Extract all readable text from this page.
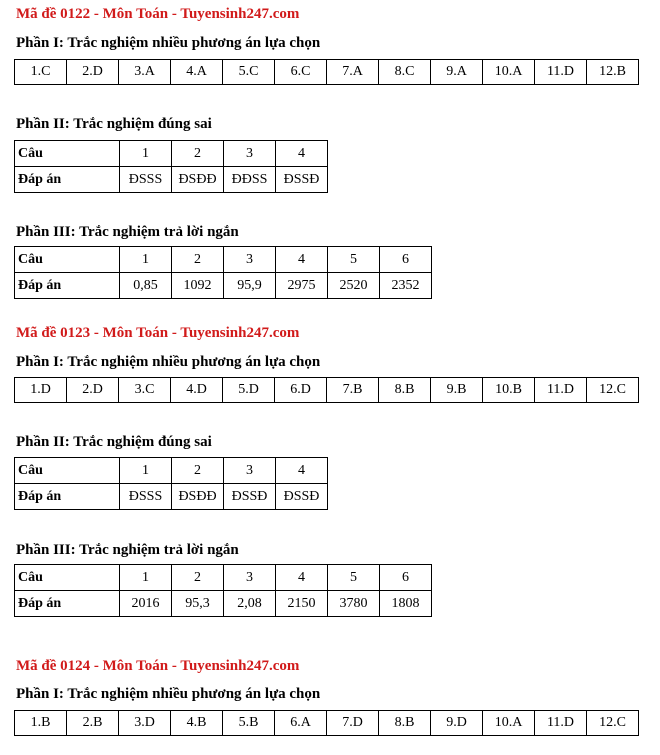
Mã đề 0122 - Môn Toán - Tuyensinh247.com
Phần I: Trắc nghiệm nhiều phương án lựa chọn
1.C	2.D	3.A	4.A	5.C	6.C	7.A	8.C	9.A	10.A	11.D	12.B
Phần II: Trắc nghiệm đúng sai
Câu	1	2	3	4
Đáp án	ĐSSS	ĐSĐĐ	ĐĐSS	ĐSSĐ
Phần III: Trắc nghiệm trả lời ngắn
Câu	1	2	3	4	5	6
Đáp án	0,85	1092	95,9	2975	2520	2352
Mã đề 0123 - Môn Toán - Tuyensinh247.com
Phần I: Trắc nghiệm nhiều phương án lựa chọn
1.D	2.D	3.C	4.D	5.D	6.D	7.B	8.B	9.B	10.B	11.D	12.C
Phần II: Trắc nghiệm đúng sai
Câu	1	2	3	4
Đáp án	ĐSSS	ĐSĐĐ	ĐSSĐ	ĐSSĐ
Phần III: Trắc nghiệm trả lời ngắn
Câu	1	2	3	4	5	6
Đáp án	2016	95,3	2,08	2150	3780	1808
Mã đề 0124 - Môn Toán - Tuyensinh247.com
Phần I: Trắc nghiệm nhiều phương án lựa chọn
1.B	2.B	3.D	4.B	5.B	6.A	7.D	8.B	9.D	10.A	11.D	12.C
